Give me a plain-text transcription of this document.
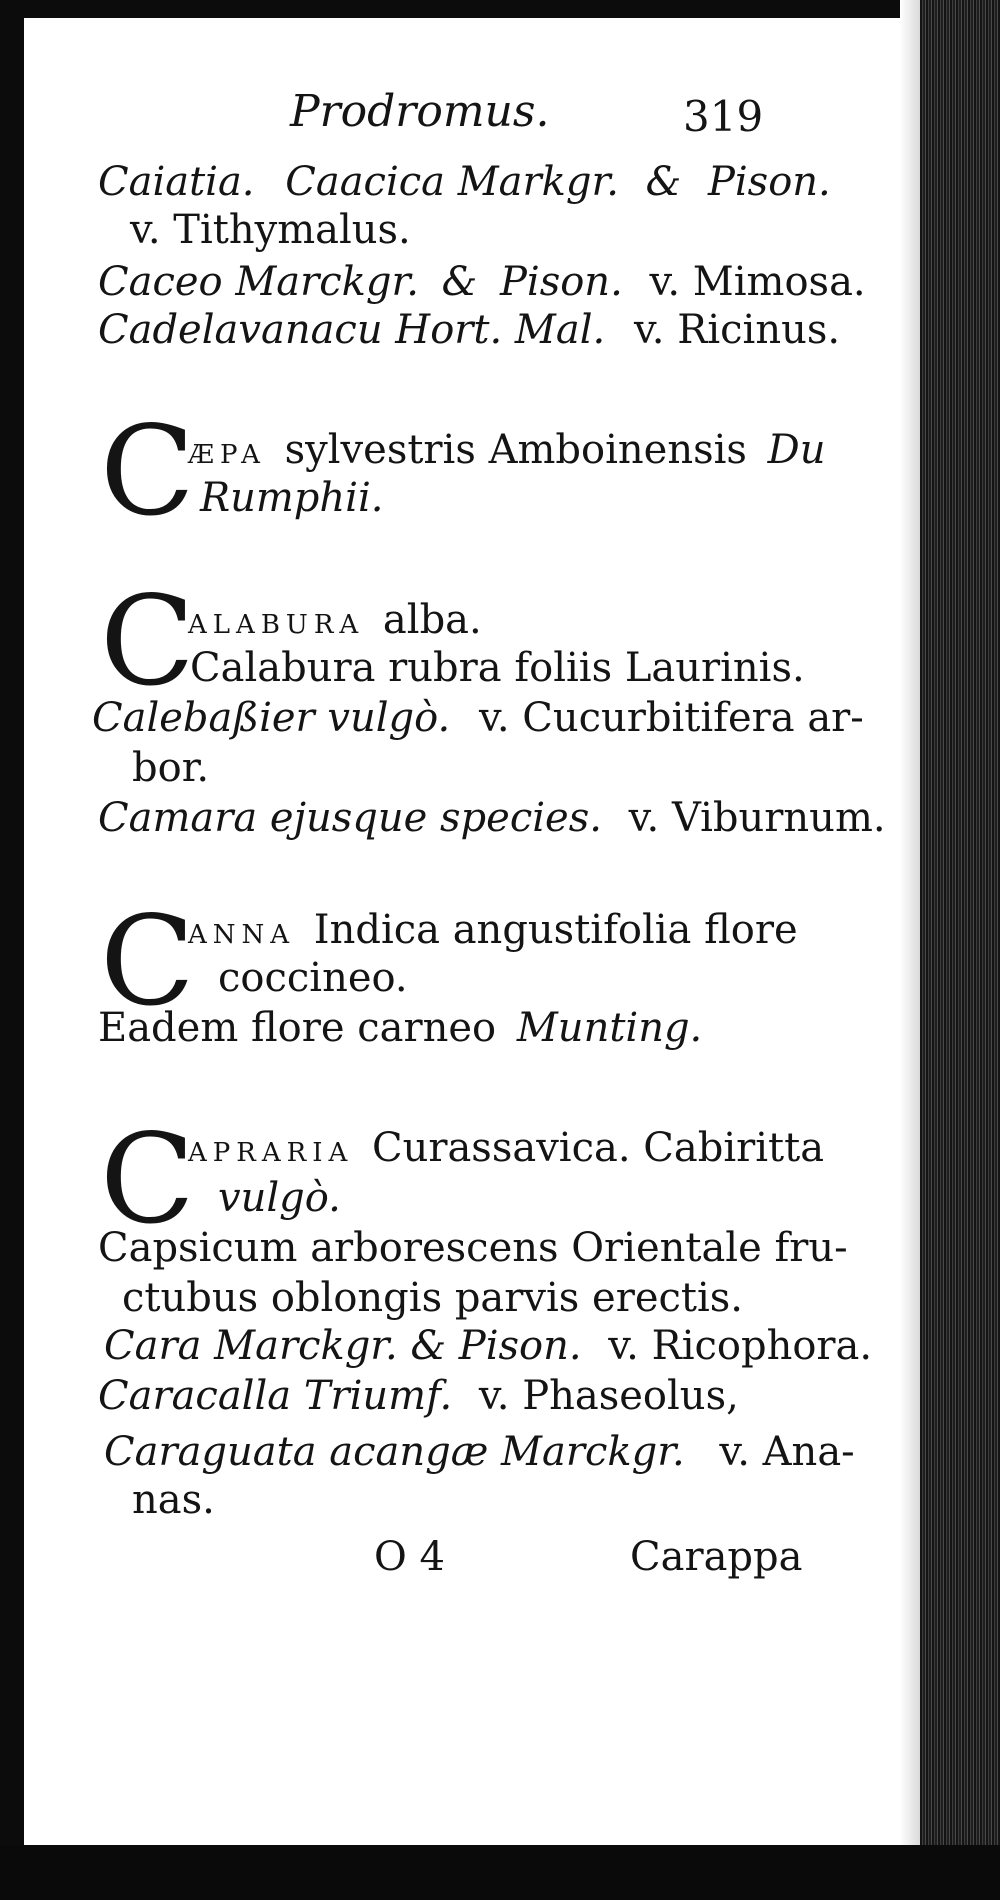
Prodromus.	319
Caiatia. Caacica Markgr. & Pison.
v. Tithymalus.
Caceo Marckgr. & Pison. v. Mimosa.
Cadelavanacu Hort. Mal. v. Ricinus.
C
ÆPA sylvestris Amboinensis Du
Rumphii.
C
ALABURA alba.
Calabura rubra foliis Laurinis.
Calebaßier vulgò. v. Cucurbitifera ar-
bor.
Camara ejusque species. v. Viburnum.
C
ANNA Indica angustifolia flore
coccineo.
Eadem flore carneo Munting.
C
APRARIA Curassavica. Cabiritta
vulgò.
Capsicum arborescens Orientale fru-
ctubus oblongis parvis erectis.
Cara Marckgr. & Pison. v. Ricophora.
Caracalla Triumf. v. Phaseolus,
Caraguata acangæ Marckgr. v. Ana-
nas.
O 4	Carappa
